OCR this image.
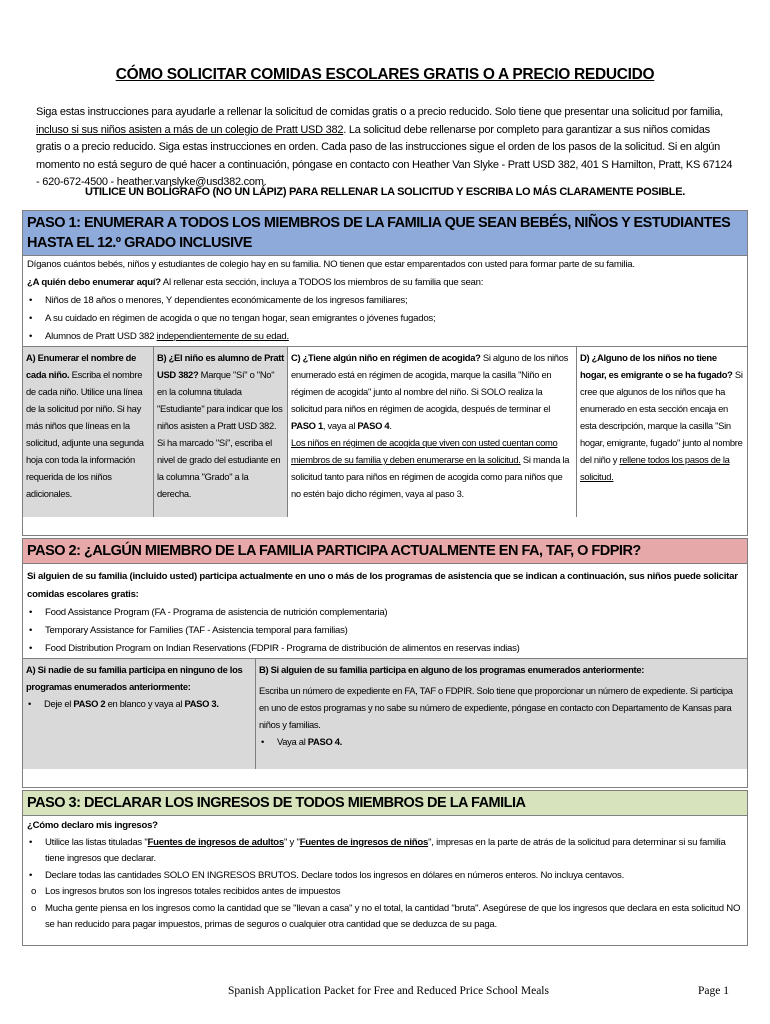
CÓMO SOLICITAR COMIDAS ESCOLARES GRATIS O A PRECIO REDUCIDO
Siga estas instrucciones para ayudarle a rellenar la solicitud de comidas gratis o a precio reducido. Solo tiene que presentar una solicitud por familia, incluso si sus niños asisten a más de un colegio de Pratt USD 382. La solicitud debe rellenarse por completo para garantizar a sus niños comidas gratis o a precio reducido. Siga estas instrucciones en orden. Cada paso de las instrucciones sigue el orden de los pasos de la solicitud. Si en algún momento no está seguro de qué hacer a continuación, póngase en contacto con Heather Van Slyke - Pratt USD 382, 401 S Hamilton, Pratt, KS 67124 - 620-672-4500 - heather.vanslyke@usd382.com.
UTILICE UN BOLÍGRAFO (NO UN LÁPIZ) PARA RELLENAR LA SOLICITUD Y ESCRIBA LO MÁS CLARAMENTE POSIBLE.
PASO 1: ENUMERAR A TODOS LOS MIEMBROS DE LA FAMILIA QUE SEAN BEBÉS, NIÑOS Y ESTUDIANTES HASTA EL 12.º GRADO INCLUSIVE
Díganos cuántos bebés, niños y estudiantes de colegio hay en su familia. NO tienen que estar emparentados con usted para formar parte de su familia.
¿A quién debo enumerar aquí? Al rellenar esta sección, incluya a TODOS los miembros de su familia que sean:
• Niños de 18 años o menores, Y dependientes económicamente de los ingresos familiares;
• A su cuidado en régimen de acogida o que no tengan hogar, sean emigrantes o jóvenes fugados;
• Alumnos de Pratt USD 382 independientemente de su edad.
A) Enumerar el nombre de cada niño. Escriba el nombre de cada niño. Utilice una línea de la solicitud por niño. Si hay más niños que líneas en la solicitud, adjunte una segunda hoja con toda la información requerida de los niños adicionales.
B) ¿El niño es alumno de Pratt USD 382? Marque "Sí" o "No" en la columna titulada "Estudiante" para indicar que los niños asisten a Pratt USD 382. Si ha marcado "Sí", escriba el nivel de grado del estudiante en la columna "Grado" a la derecha.
C) ¿Tiene algún niño en régimen de acogida? Si alguno de los niños enumerado está en régimen de acogida, marque la casilla "Niño en régimen de acogida" junto al nombre del niño. Si SOLO realiza la solicitud para niños en régimen de acogida, después de terminar el PASO 1, vaya al PASO 4.
Los niños en régimen de acogida que viven con usted cuentan como miembros de su familia y deben enumerarse en la solicitud. Si manda la solicitud tanto para niños en régimen de acogida como para niños que no estén bajo dicho régimen, vaya al paso 3.
D) ¿Alguno de los niños no tiene hogar, es emigrante o se ha fugado? Si cree que algunos de los niños que ha enumerado en esta sección encaja en esta descripción, marque la casilla "Sin hogar, emigrante, fugado" junto al nombre del niño y rellene todos los pasos de la solicitud.
PASO 2: ¿ALGÚN MIEMBRO DE LA FAMILIA PARTICIPA ACTUALMENTE EN FA, TAF, O FDPIR?
Si alguien de su familia (incluido usted) participa actualmente en uno o más de los programas de asistencia que se indican a continuación, sus niños puede solicitar comidas escolares gratis:
• Food Assistance Program (FA - Programa de asistencia de nutrición complementaria)
• Temporary Assistance for Families (TAF - Asistencia temporal para familias)
• Food Distribution Program on Indian Reservations (FDPIR - Programa de distribución de alimentos en reservas indias)
A) Si nadie de su familia participa en ninguno de los programas enumerados anteriormente:
• Deje el PASO 2 en blanco y vaya al PASO 3.
B) Si alguien de su familia participa en alguno de los programas enumerados anteriormente:
Escriba un número de expediente en FA, TAF o FDPIR. Solo tiene que proporcionar un número de expediente. Si participa en uno de estos programas y no sabe su número de expediente, póngase en contacto con Departamento de Kansas para niños y familias.
• Vaya al PASO 4.
PASO 3: DECLARAR LOS INGRESOS DE TODOS MIEMBROS DE LA FAMILIA
¿Cómo declaro mis ingresos?
• Utilice las listas tituladas "Fuentes de ingresos de adultos" y "Fuentes de ingresos de niños", impresas en la parte de atrás de la solicitud para determinar si su familia tiene ingresos que declarar.
• Declare todas las cantidades SOLO EN INGRESOS BRUTOS. Declare todos los ingresos en dólares en números enteros. No incluya centavos.
o Los ingresos brutos son los ingresos totales recibidos antes de impuestos
o Mucha gente piensa en los ingresos como la cantidad que se "llevan a casa" y no el total, la cantidad "bruta". Asegúrese de que los ingresos que declara en esta solicitud NO se han reducido para pagar impuestos, primas de seguros o cualquier otra cantidad que se deduzca de su paga.
Spanish Application Packet for Free and Reduced Price School Meals	Page 1
